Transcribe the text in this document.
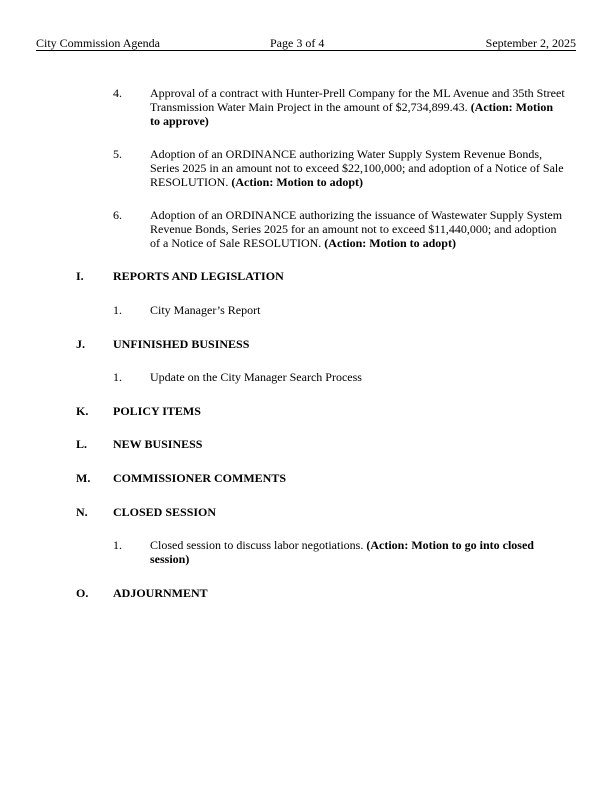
City Commission Agenda	Page 3 of 4	September 2, 2025
4. Approval of a contract with Hunter-Prell Company for the ML Avenue and 35th Street Transmission Water Main Project in the amount of $2,734,899.43. (Action: Motion to approve)
5. Adoption of an ORDINANCE authorizing Water Supply System Revenue Bonds, Series 2025 in an amount not to exceed $22,100,000; and adoption of a Notice of Sale RESOLUTION. (Action: Motion to adopt)
6. Adoption of an ORDINANCE authorizing the issuance of Wastewater Supply System Revenue Bonds, Series 2025 for an amount not to exceed $11,440,000; and adoption of a Notice of Sale RESOLUTION. (Action: Motion to adopt)
I. REPORTS AND LEGISLATION
1. City Manager’s Report
J. UNFINISHED BUSINESS
1. Update on the City Manager Search Process
K. POLICY ITEMS
L. NEW BUSINESS
M. COMMISSIONER COMMENTS
N. CLOSED SESSION
1. Closed session to discuss labor negotiations. (Action: Motion to go into closed session)
O. ADJOURNMENT
